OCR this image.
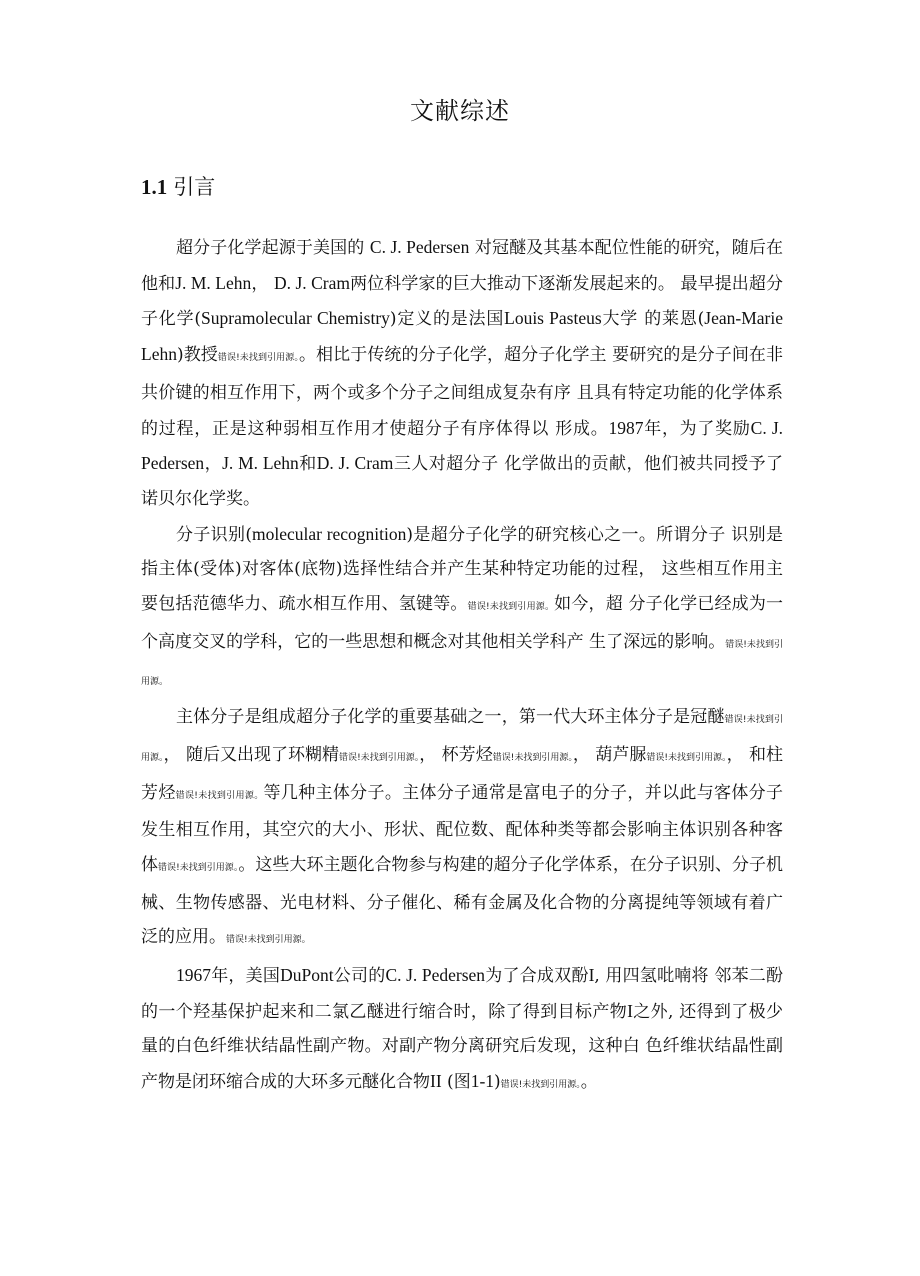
文献综述
1.1 引言

超分子化学起源于美国的 C. J. Pedersen 对冠醚及其基本配位性能的研究，随后在他和J. M. Lehn， D. J. Cram两位科学家的巨大推动下逐渐发展起来的。 最早提出超分子化学(Supramolecular Chemistry)定义的是法国Louis Pasteus大学 的莱恩(Jean-Marie Lehn)教授错误!未找到引用源。。相比于传统的分子化学，超分子化学主 要研究的是分子间在非共价键的相互作用下，两个或多个分子之间组成复杂有序 且具有特定功能的化学体系的过程，正是这种弱相互作用才使超分子有序体得以 形成。1987年，为了奖励C. J. Pedersen，J. M. Lehn和D. J. Cram三人对超分子 化学做出的贡献，他们被共同授予了诺贝尔化学奖。

分子识别(molecular recognition)是超分子化学的研究核心之一。所谓分子 识别是指主体(受体)对客体(底物)选择性结合并产生某种特定功能的过程， 这些相互作用主要包括范德华力、疏水相互作用、氢键等。错误!未找到引用源。如今，超 分子化学已经成为一个高度交叉的学科，它的一些思想和概念对其他相关学科产 生了深远的影响。错误!未找到引用源。

主体分子是组成超分子化学的重要基础之一，第一代大环主体分子是冠醚错误!未找到引用源。， 随后又出现了环糊精错误!未找到引用源。， 杯芳烃错误!未找到引用源。， 葫芦脲错误!未找到引用源。， 和柱芳烃错误!未找到引用源。等几种主体分子。主体分子通常是富电子的分子，并以此与客体分子发生相互作用，其空穴的大小、形状、配位数、配体种类等都会影响主体识别各种客体错误!未找到引用源。。这些大环主题化合物参与构建的超分子化学体系，在分子识别、分子机械、生物传感器、光电材料、分子催化、稀有金属及化合物的分离提纯等领域有着广泛的应用。错误!未找到引用源。

1967年，美国DuPont公司的C. J. Pedersen为了合成双酚I, 用四氢吡喃将 邻苯二酚的一个羟基保护起来和二氯乙醚进行缩合时，除了得到目标产物I之外, 还得到了极少量的白色纤维状结晶性副产物。对副产物分离研究后发现，这种白 色纤维状结晶性副产物是闭环缩合成的大环多元醚化合物II (图1-1)错误!未找到引用源。。
